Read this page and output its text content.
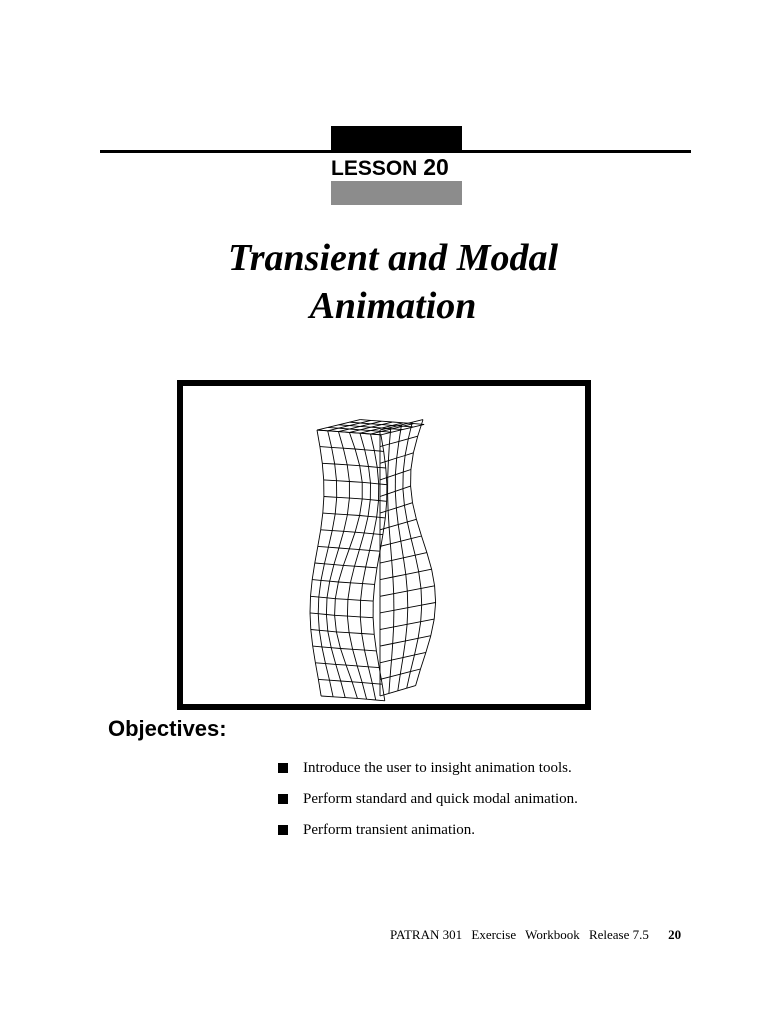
LESSON 20
Transient and Modal
Animation
Objectives:
Introduce the user to insight animation tools.
Perform standard and quick modal animation.
Perform transient animation.
PATRAN 301 Exercise Workbook Release 7.5 20
